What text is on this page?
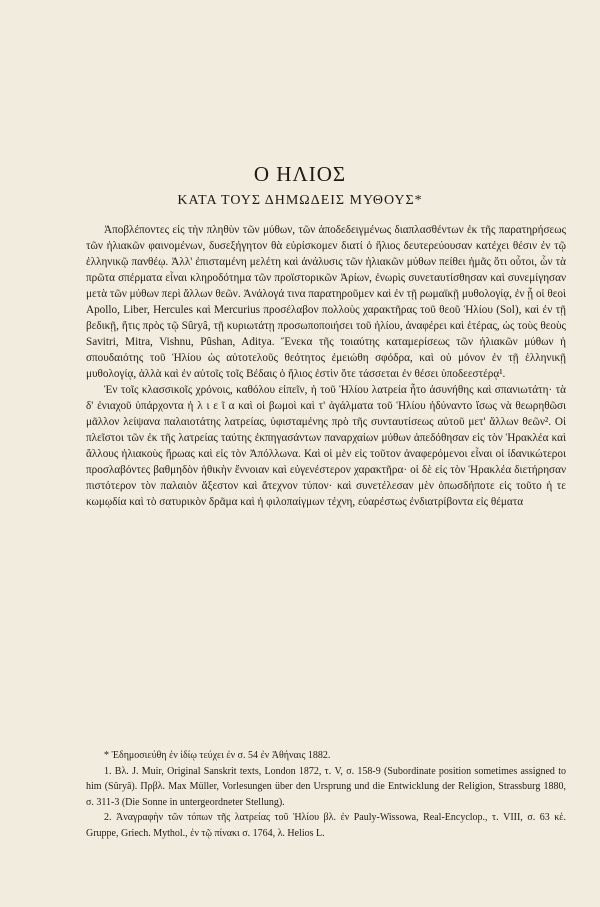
Ο ΗΛΙΟΣ
ΚΑΤΑ ΤΟΥΣ ΔΗΜΩΔΕΙΣ ΜΥΘΟΥΣ*

Ἀποβλέποντες εἰς τὴν πληθὺν τῶν μύθων, τῶν ἀποδεδειγμένως διαπλασθέντων ἐκ τῆς παρατηρήσεως τῶν ἡλιακῶν φαινομένων, δυσεξήγητον θὰ εὑρίσκομεν διατί ὁ ἥλιος δευτερεύουσαν κατέχει θέσιν ἐν τῷ ἑλληνικῷ πανθέῳ. Ἀλλ' ἐπισταμένη μελέτη καὶ ἀνάλυσις τῶν ἡλιακῶν μύθων πείθει ἡμᾶς ὅτι οὗτοι, ὧν τὰ πρῶτα σπέρματα εἶναι κληροδότημα τῶν προϊστορικῶν Ἀρίων, ἐνωρὶς συνεταυτίσθησαν καὶ συνεμίγησαν μετὰ τῶν μύθων περὶ ἄλλων θεῶν. Ἀνάλογά τινα παρατηροῦμεν καὶ ἐν τῇ ρωμαϊκῇ μυθολογίᾳ, ἐν ᾗ οἱ θεοὶ Apollo, Liber, Hercules καὶ Mercurius προσέλαβον πολλοὺς χαρακτῆρας τοῦ θεοῦ Ἡλίου (Sol), καὶ ἐν τῇ βεδικῇ, ἥτις πρὸς τῷ Sûryâ, τῇ κυριωτάτῃ προσωποποιήσει τοῦ ἡλίου, ἀναφέρει καὶ ἑτέρας, ὡς τοὺς θεοὺς Savitri, Mitra, Vishnu, Pûshan, Aditya. Ἕνεκα τῆς τοιαύτης καταμερίσεως τῶν ἡλιακῶν μύθων ἡ σπουδαιότης τοῦ Ἡλίου ὡς αὐτοτελοῦς θεότητος ἐμειώθη σφόδρα, καὶ οὐ μόνον ἐν τῇ ἑλληνικῇ μυθολογίᾳ, ἀλλὰ καὶ ἐν αὐτοῖς τοῖς Βέδαις ὁ ἥλιος ἐστὶν ὅτε τάσσεται ἐν θέσει ὑποδεεστέρᾳ¹.

Ἐν τοῖς κλασσικοῖς χρόνοις, καθόλου εἰπεῖν, ἡ τοῦ Ἡλίου λατρεία ἦτο ἀσυνήθης καὶ σπανιωτάτη· τὰ δ' ἐνιαχοῦ ὑπάρχοντα ἡ λ ι ε ῖ α καὶ οἱ βωμοὶ καὶ τ' ἀγάλματα τοῦ Ἡλίου ἠδύναντο ἴσως νὰ θεωρηθῶσι μᾶλλον λείψανα παλαιοτάτης λατρείας, ὑφισταμένης πρὸ τῆς συνταυτίσεως αὐτοῦ μετ' ἄλλων θεῶν². Οἱ πλεῖστοι τῶν ἐκ τῆς λατρείας ταύτης ἐκπηγασάντων παναρχαίων μύθων ἀπεδόθησαν εἰς τὸν Ἡρακλέα καὶ ἄλλους ἡλιακοὺς ἥρωας καὶ εἰς τὸν Ἀπόλλωνα. Καὶ οἱ μὲν εἰς τοῦτον ἀναφερόμενοι εἶναι οἱ ἰδανικώτεροι προσλαβόντες βαθμηδὸν ἠθικὴν ἔννοιαν καὶ εὐγενέστερον χαρακτῆρα· οἱ δὲ εἰς τὸν Ἡρακλέα διετήρησαν πιστότερον τὸν παλαιὸν ἄξεστον καὶ ἄτεχνον τύπον· καὶ συνετέλεσαν μὲν ὁπωσδήποτε εἰς τοῦτο ἡ τε κωμῳδία καὶ τὸ σατυρικὸν δρᾶμα καὶ ἡ φιλοπαίγμων τέχνη, εὐαρέστως ἐνδιατρίβοντα εἰς θέματα

* Ἐδημοσιεύθη ἐν ἰδίῳ τεύχει ἐν σ. 54 ἐν Ἀθήναις 1882.

1. Βλ. J. Muir, Original Sanskrit texts, London 1872, τ. V, σ. 158-9 (Subordinate position sometimes assigned to him (Sûryâ). Πρβλ. Max Müller, Vorlesungen über den Ursprung und die Entwicklung der Religion, Strassburg 1880, σ. 311-3 (Die Sonne in untergeordneter Stellung).

2. Ἀναγραφὴν τῶν τόπων τῆς λατρείας τοῦ Ἡλίου βλ. ἐν Pauly-Wissowa, Real-Encyclop., τ. VIII, σ. 63 κἑ. Gruppe, Griech. Mythol., ἐν τῷ πίνακι σ. 1764, λ. Helios L.
